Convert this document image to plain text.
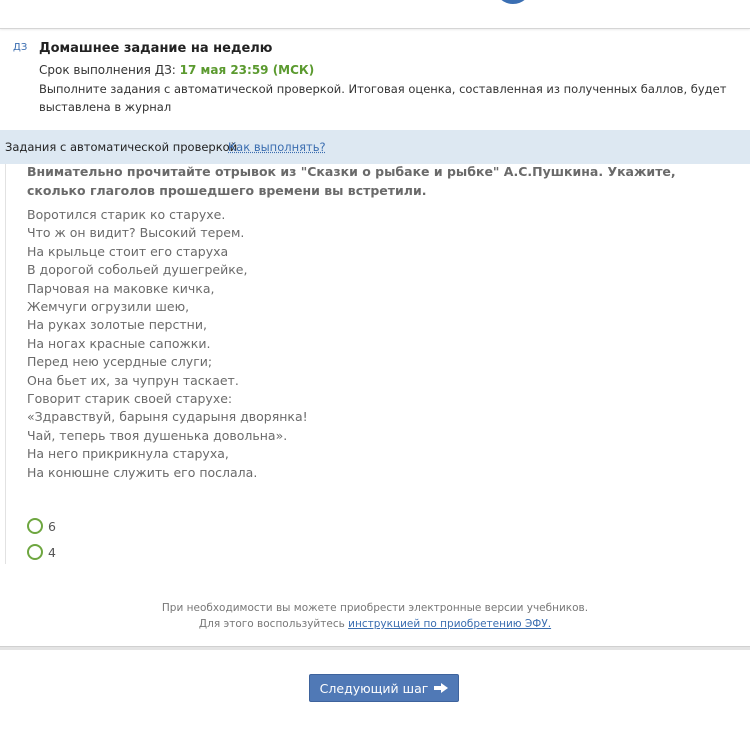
ДЗ Домашнее задание на неделю
Срок выполнения ДЗ: 17 мая 23:59 (МСК)
Выполните задания с автоматической проверкой. Итоговая оценка, составленная из полученных баллов, будет выставлена в журнал
Задания с автоматической проверкой
Как выполнять?
Внимательно прочитайте отрывок из "Сказки о рыбаке и рыбке" А.С.Пушкина. Укажите, сколько глаголов прошедшего времени вы встретили.
Воротился старик ко старухе.
Что ж он видит? Высокий терем.
На крыльце стоит его старуха
В дорогой собольей душегрейке,
Парчовая на маковке кичка,
Жемчуги огрузили шею,
На руках золотые перстни,
На ногах красные сапожки.
Перед нею усердные слуги;
Она бьет их, за чупрун таскает.
Говорит старик своей старухе:
«Здравствуй, барыня сударыня дворянка!
Чай, теперь твоя душенька довольна».
На него прикрикнула старуха,
На конюшне служить его послала.
6
4
При необходимости вы можете приобрести электронные версии учебников.
Для этого воспользуйтесь инструкцией по приобретению ЭФУ.
Следующий шаг
